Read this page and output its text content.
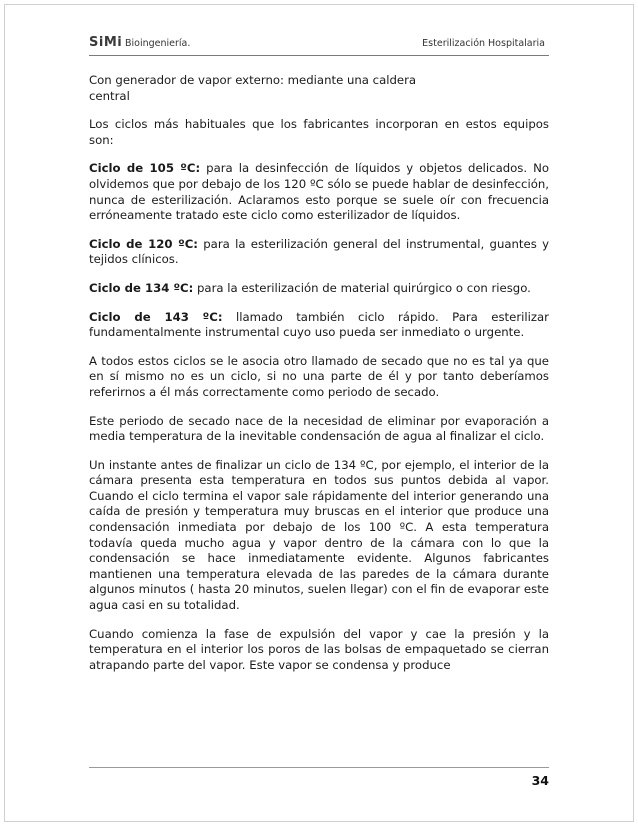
SiMi Bioingeniería.	Esterilización Hospitalaria

Con generador de vapor externo: mediante una caldera central

Los ciclos más habituales que los fabricantes incorporan en estos equipos son:

Ciclo de 105 ºC: para la desinfección de líquidos y objetos delicados. No olvidemos que por debajo de los 120 ºC sólo se puede hablar de desinfección, nunca de esterilización. Aclaramos esto porque se suele oír con frecuencia erróneamente tratado este ciclo como esterilizador de líquidos.

Ciclo de 120 ºC: para la esterilización general del instrumental, guantes y tejidos clínicos.

Ciclo de 134 ºC: para la esterilización de material quirúrgico o con riesgo.

Ciclo de 143 ºC: llamado también ciclo rápido. Para esterilizar fundamentalmente instrumental cuyo uso pueda ser inmediato o urgente.

A todos estos ciclos se le asocia otro llamado de secado que no es tal ya que en sí mismo no es un ciclo, si no una parte de él y por tanto deberíamos referirnos a él más correctamente como periodo de secado.

Este periodo de secado nace de la necesidad de eliminar por evaporación a media temperatura de la inevitable condensación de agua al finalizar el ciclo.

Un instante antes de finalizar un ciclo de 134 ºC, por ejemplo, el interior de la cámara presenta esta temperatura en todos sus puntos debida al vapor. Cuando el ciclo termina el vapor sale rápidamente del interior generando una caída de presión y temperatura muy bruscas en el interior que produce una condensación inmediata por debajo de los 100 ºC. A esta temperatura todavía queda mucho agua y vapor dentro de la cámara con lo que la condensación se hace inmediatamente evidente. Algunos fabricantes mantienen una temperatura elevada de las paredes de la cámara durante algunos minutos ( hasta 20 minutos, suelen llegar) con el fin de evaporar este agua casi en su totalidad.

Cuando comienza la fase de expulsión del vapor y cae la presión y la temperatura en el interior los poros de las bolsas de empaquetado se cierran atrapando parte del vapor. Este vapor se condensa y produce

34
